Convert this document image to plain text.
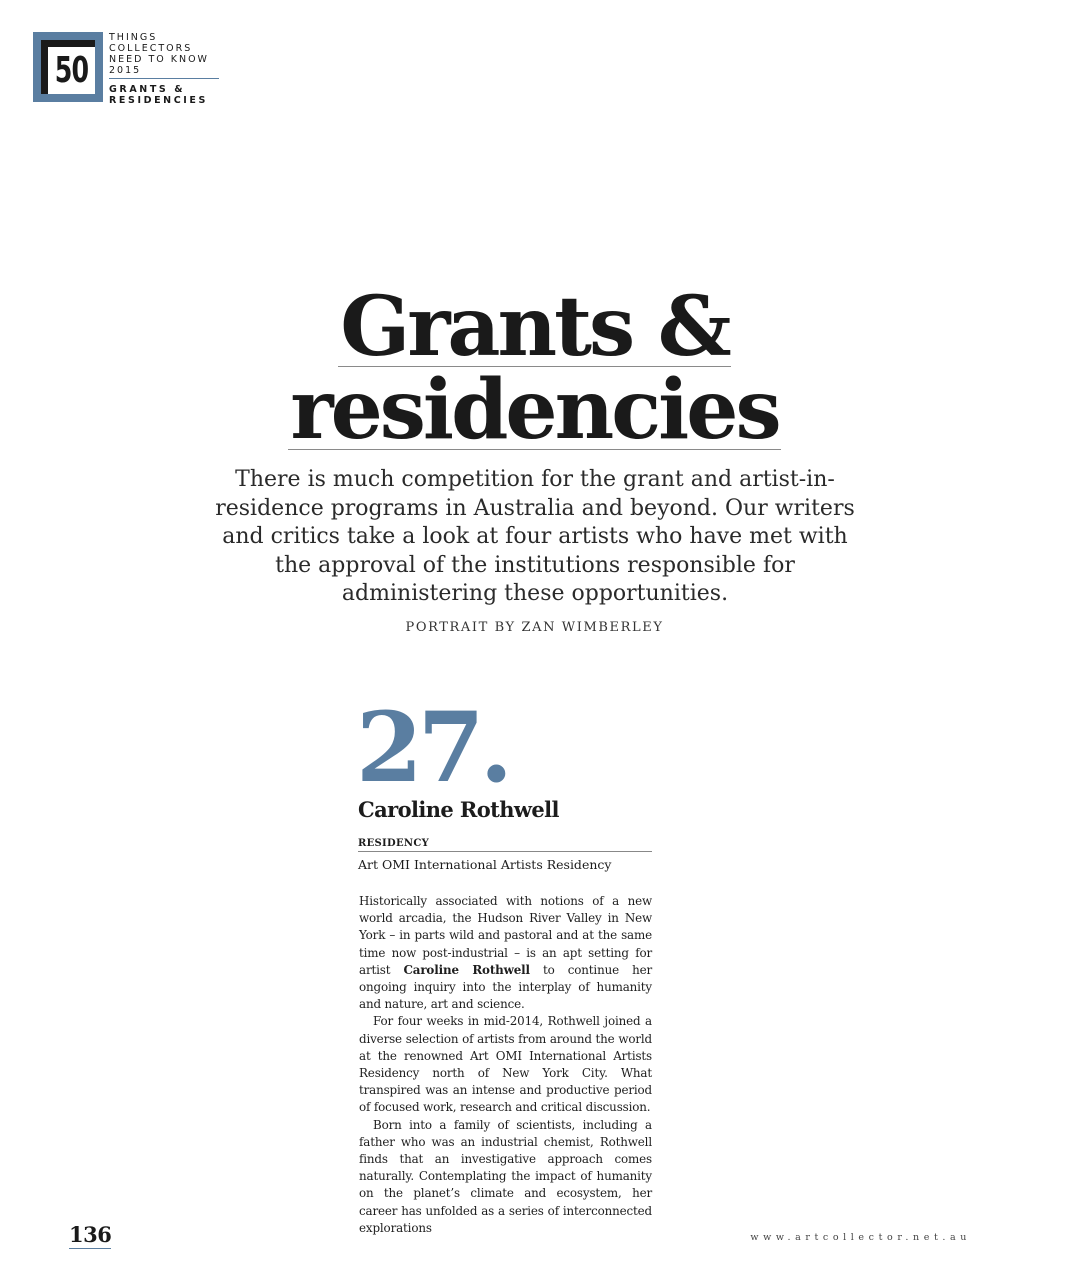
50
THINGS COLLECTORS
NEED TO KNOW 2015
GRANTS &
RESIDENCIES
Grants &
residencies
There is much competition for the grant and artist-in-residence programs in Australia and beyond. Our writers and critics take a look at four artists who have met with the approval of the institutions responsible for administering these opportunities.
PORTRAIT BY ZAN WIMBERLEY
27.
Caroline Rothwell
RESIDENCY
Art OMI International Artists Residency

Historically associated with notions of a new world arcadia, the Hudson River Valley in New York – in parts wild and pastoral and at the same time now post-industrial – is an apt setting for artist Caroline Rothwell to continue her ongoing inquiry into the interplay of humanity and nature, art and science.

For four weeks in mid-2014, Rothwell joined a diverse selection of artists from around the world at the renowned Art OMI International Artists Residency north of New York City. What transpired was an intense and productive period of focused work, research and critical discussion.

Born into a family of scientists, including a father who was an industrial chemist, Rothwell finds that an investigative approach comes naturally. Contemplating the impact of humanity on the planet’s climate and ecosystem, her career has unfolded as a series of interconnected explorations

136	www.artcollector.net.au
